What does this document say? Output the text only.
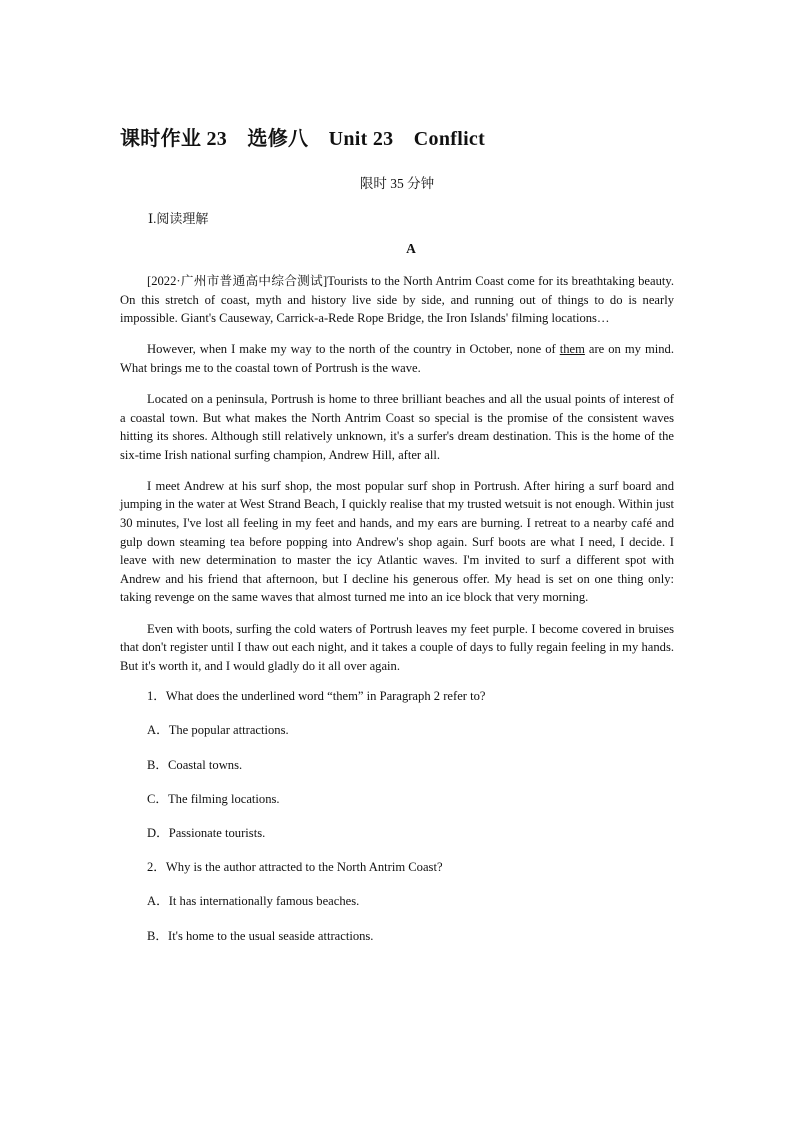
课时作业 23　选修八　Unit 23　Conflict
限时 35 分钟
Ⅰ.阅读理解
A

[2022·广州市普通高中综合测试]Tourists to the North Antrim Coast come for its breathtaking beauty. On this stretch of coast, myth and history live side by side, and running out of things to do is nearly impossible. Giant's Causeway, Carrick-a-Rede Rope Bridge, the Iron Islands' filming locations…

However, when I make my way to the north of the country in October, none of them are on my mind. What brings me to the coastal town of Portrush is the wave.

Located on a peninsula, Portrush is home to three brilliant beaches and all the usual points of interest of a coastal town. But what makes the North Antrim Coast so special is the promise of the consistent waves hitting its shores. Although still relatively unknown, it's a surfer's dream destination. This is the home of the six-time Irish national surfing champion, Andrew Hill, after all.

I meet Andrew at his surf shop, the most popular surf shop in Portrush. After hiring a surf board and jumping in the water at West Strand Beach, I quickly realise that my trusted wetsuit is not enough. Within just 30 minutes, I've lost all feeling in my feet and hands, and my ears are burning. I retreat to a nearby café and gulp down steaming tea before popping into Andrew's shop again. Surf boots are what I need, I decide. I leave with new determination to master the icy Atlantic waves. I'm invited to surf a different spot with Andrew and his friend that afternoon, but I decline his generous offer. My head is set on one thing only: taking revenge on the same waves that almost turned me into an ice block that very morning.

Even with boots, surfing the cold waters of Portrush leaves my feet purple. I become covered in bruises that don't register until I thaw out each night, and it takes a couple of days to fully regain feeling in my hands. But it's worth it, and I would gladly do it all over again.

1．What does the underlined word “them” in Paragraph 2 refer to?

A．The popular attractions.

B．Coastal towns.

C．The filming locations.

D．Passionate tourists.

2．Why is the author attracted to the North Antrim Coast?

A．It has internationally famous beaches.

B．It's home to the usual seaside attractions.
